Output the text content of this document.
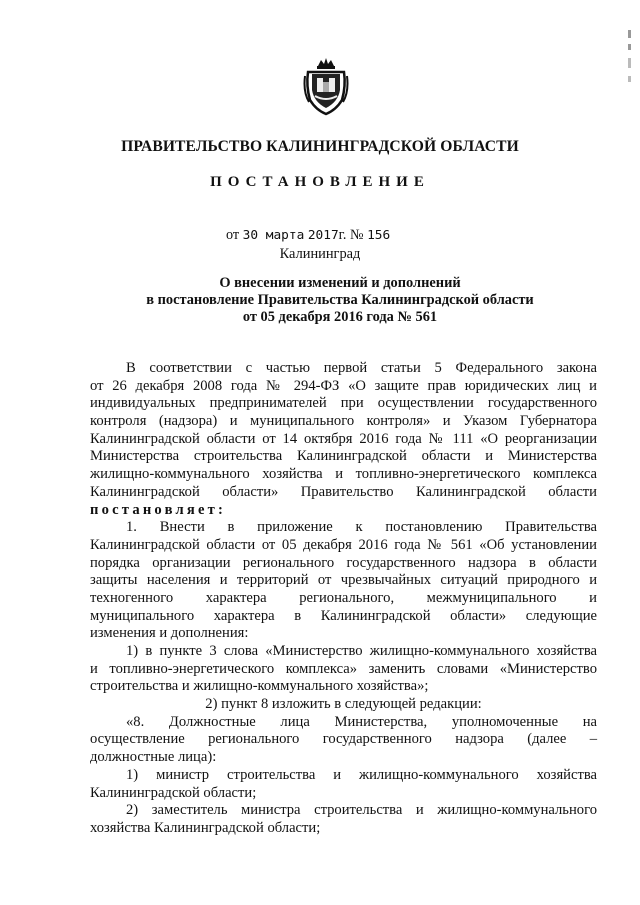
ПРАВИТЕЛЬСТВО КАЛИНИНГРАДСКОЙ ОБЛАСТИ
ПОСТАНОВЛЕНИЕ
от 30 марта 2017г. № 156
Калининград
О внесении изменений и дополнений
в постановление Правительства Калининградской области
от 05 декабря 2016 года № 561
В соответствии с частью первой статьи 5 Федерального закона
от 26 декабря 2008 года № 294-ФЗ «О защите прав юридических лиц и
индивидуальных предпринимателей при осуществлении государственного
контроля (надзора) и муниципального контроля» и Указом Губернатора
Калининградской области от 14 октября 2016 года № 111 «О реорганизации
Министерства строительства Калининградской области и Министерства
жилищно-коммунального хозяйства и топливно-энергетического комплекса
Калининградской области» Правительство Калининградской области
постановляет:
1. Внести в приложение к постановлению Правительства
Калининградской области от 05 декабря 2016 года № 561 «Об установлении
порядка организации регионального государственного надзора в области
защиты населения и территорий от чрезвычайных ситуаций природного и
техногенного характера регионального, межмуниципального и
муниципального характера в Калининградской области» следующие
изменения и дополнения:
1) в пункте 3 слова «Министерство жилищно-коммунального хозяйства
и топливно-энергетического комплекса» заменить словами «Министерство
строительства и жилищно-коммунального хозяйства»;
2) пункт 8 изложить в следующей редакции:
«8. Должностные лица Министерства, уполномоченные на
осуществление регионального государственного надзора (далее –
должностные лица):
1) министр строительства и жилищно-коммунального хозяйства
Калининградской области;
2) заместитель министра строительства и жилищно-коммунального
хозяйства Калининградской области;
